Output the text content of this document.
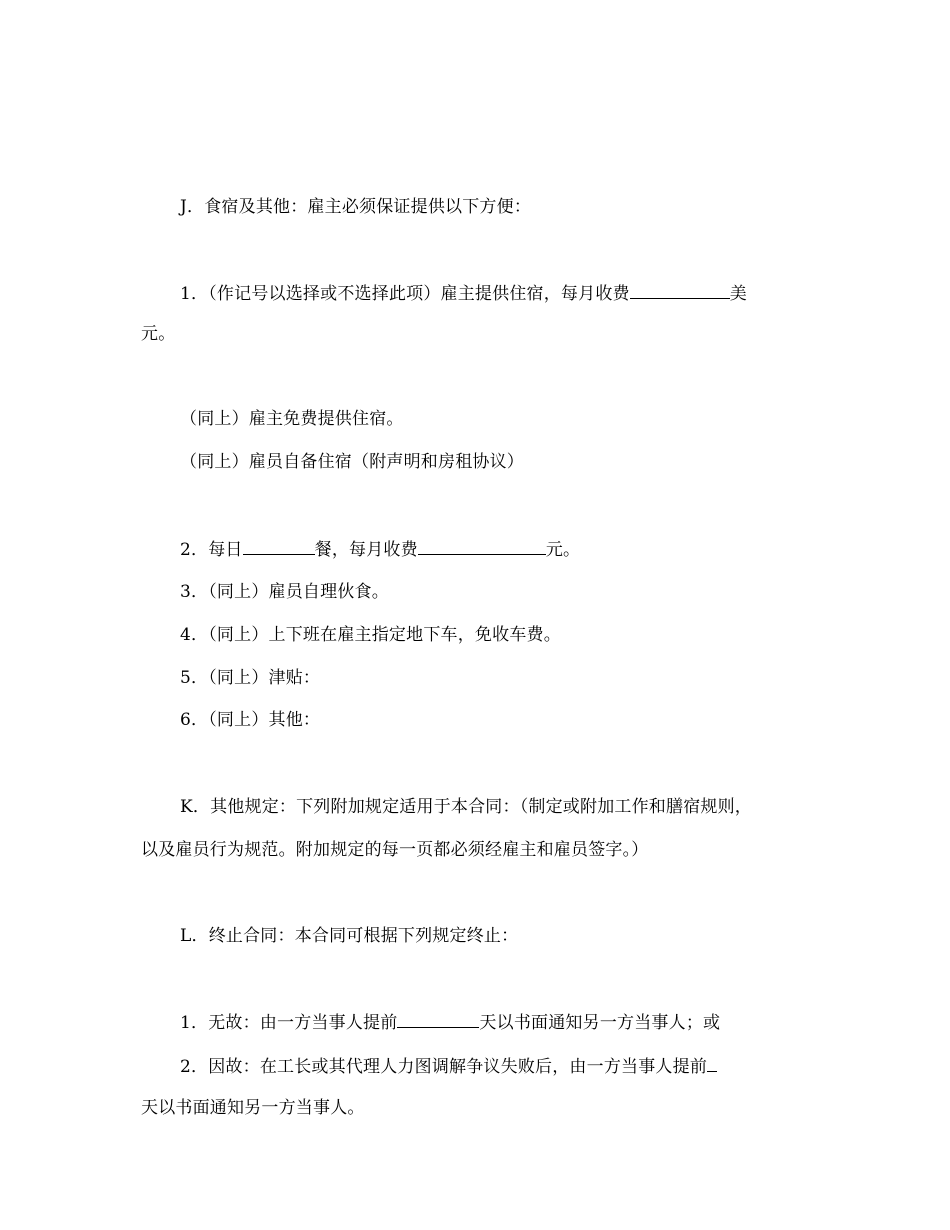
J．食宿及其他：雇主必须保证提供以下方便：
1．（作记号以选择或不选择此项）雇主提供住宿，每月收费	美
元。
（同上）雇主免费提供住宿。
（同上）雇员自备住宿（附声明和房租协议）
2．每日	餐，每月收费	元。
3．（同上）雇员自理伙食。
4．（同上）上下班在雇主指定地下车，免收车费。
5．（同上）津贴：
6．（同上）其他：
K．其他规定：下列附加规定适用于本合同：（制定或附加工作和膳宿规则，
以及雇员行为规范。附加规定的每一页都必须经雇主和雇员签字。）
L．终止合同：本合同可根据下列规定终止：
1．无故：由一方当事人提前	天以书面通知另一方当事人；或
2．因故：在工长或其代理人力图调解争议失败后，由一方当事人提前
天以书面通知另一方当事人。
